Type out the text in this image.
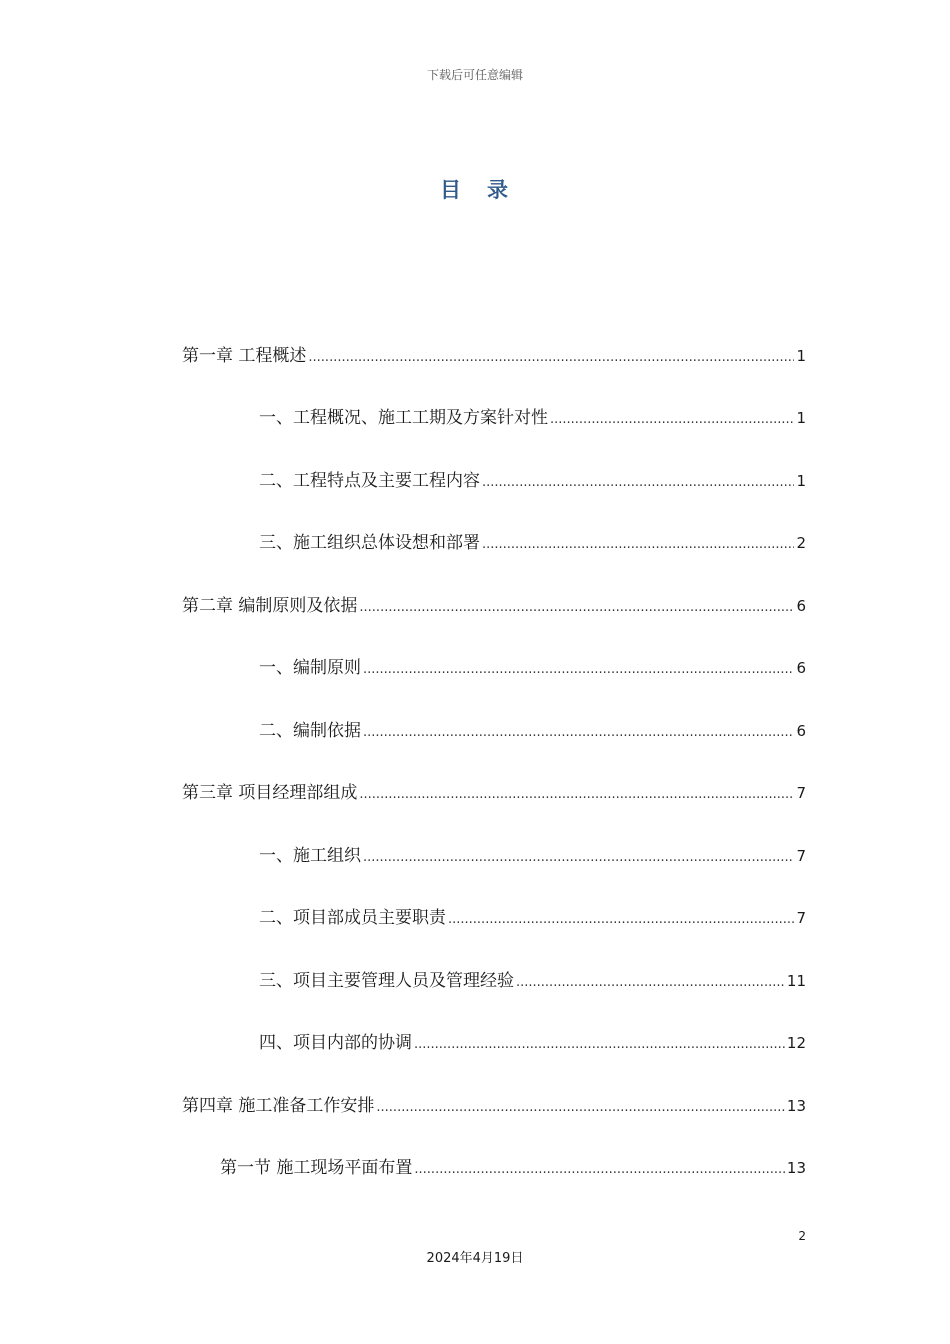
下载后可任意编辑
目 录
第一章 工程概述 .....	1
一、工程概况、施工工期及方案针对性 .....	1
二、工程特点及主要工程内容 .....	1
三、施工组织总体设想和部署 .....	2
第二章 编制原则及依据 .....	6
一、编制原则 .....	6
二、编制依据 .....	6
第三章 项目经理部组成 .....	7
一、施工组织 .....	7
二、项目部成员主要职责 .....	7
三、项目主要管理人员及管理经验 .....	11
四、项目内部的协调 .....	12
第四章 施工准备工作安排 .....	13
第一节 施工现场平面布置 .....	13
2
2024年4月19日
